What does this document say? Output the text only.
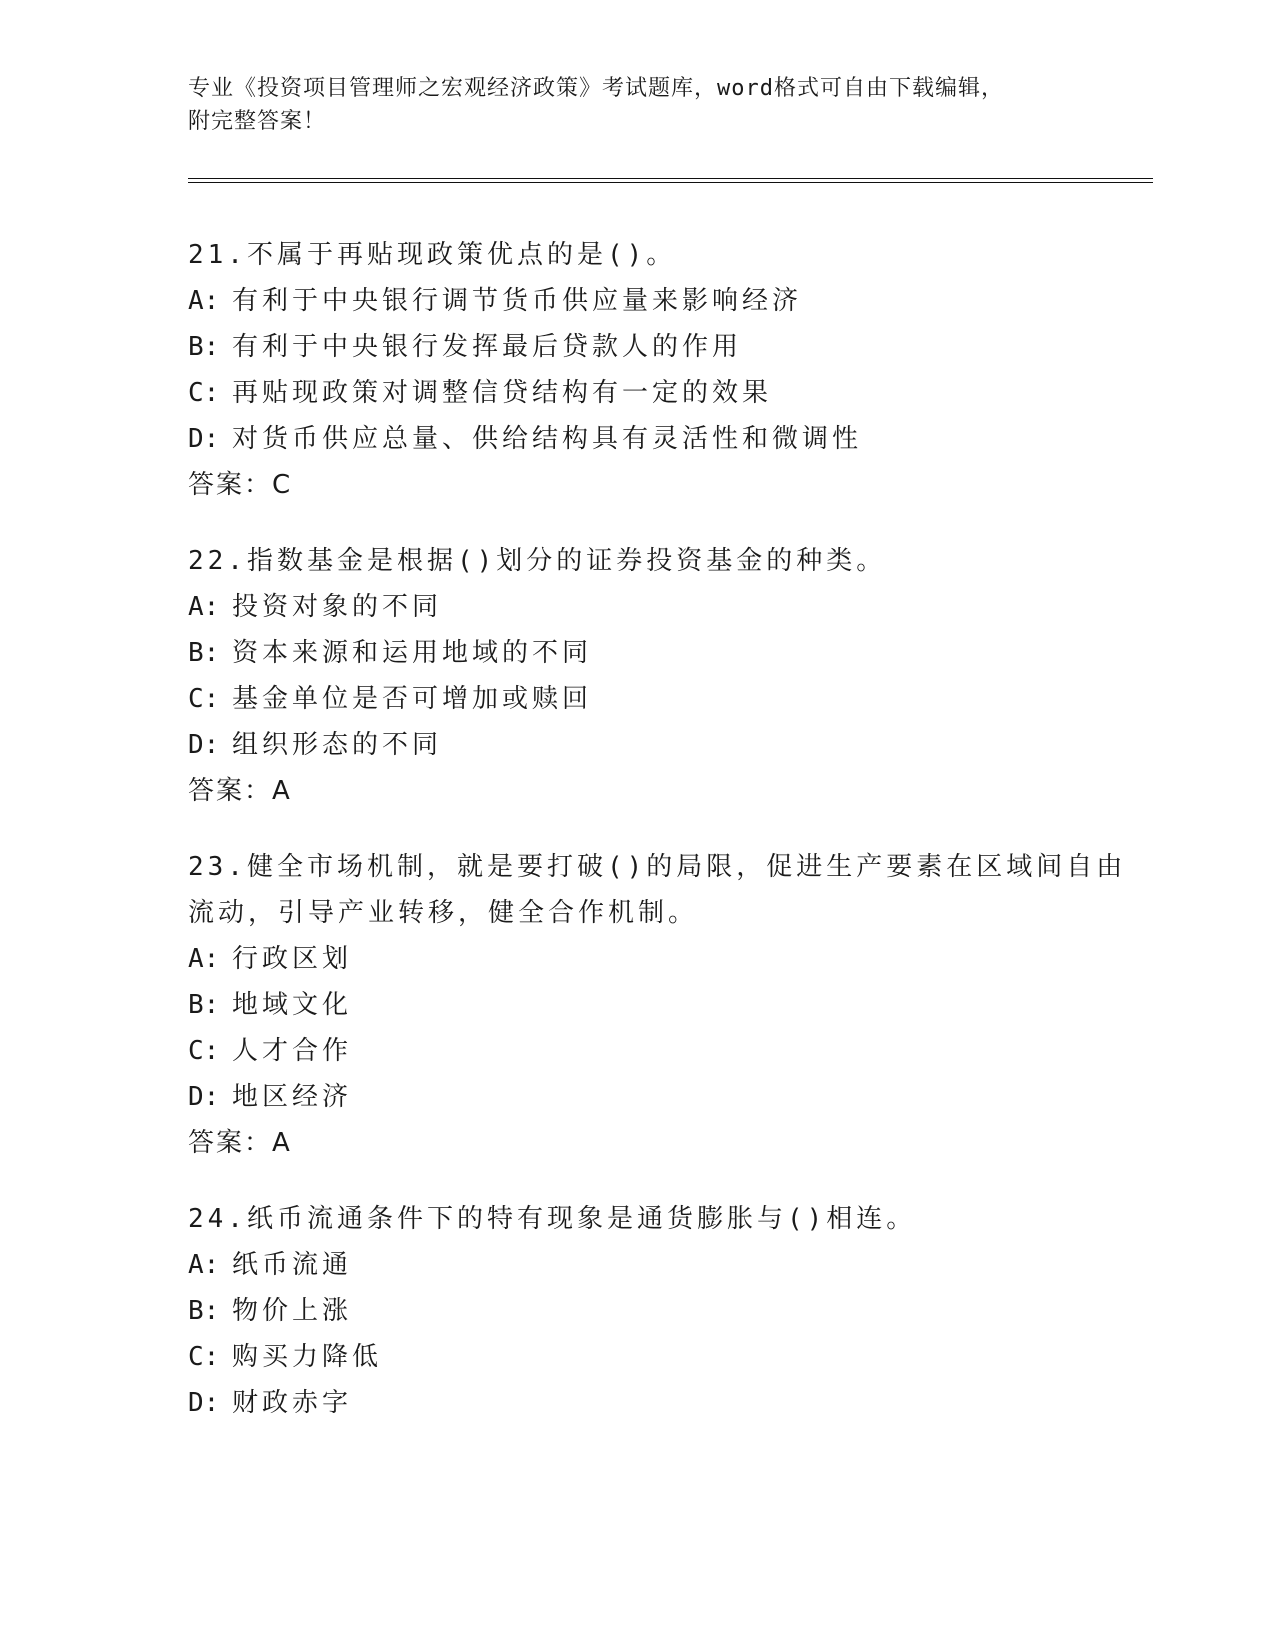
专业《投资项目管理师之宏观经济政策》考试题库，word格式可自由下载编辑，
附完整答案！
21.不属于再贴现政策优点的是()。
A: 有利于中央银行调节货币供应量来影响经济
B: 有利于中央银行发挥最后贷款人的作用
C: 再贴现政策对调整信贷结构有一定的效果
D: 对货币供应总量、供给结构具有灵活性和微调性
答案：C
22.指数基金是根据()划分的证券投资基金的种类。
A: 投资对象的不同
B: 资本来源和运用地域的不同
C: 基金单位是否可增加或赎回
D: 组织形态的不同
答案：A
23.健全市场机制，就是要打破()的局限，促进生产要素在区域间自由
流动，引导产业转移，健全合作机制。
A: 行政区划
B: 地域文化
C: 人才合作
D: 地区经济
答案：A
24.纸币流通条件下的特有现象是通货膨胀与()相连。
A: 纸币流通
B: 物价上涨
C: 购买力降低
D: 财政赤字
